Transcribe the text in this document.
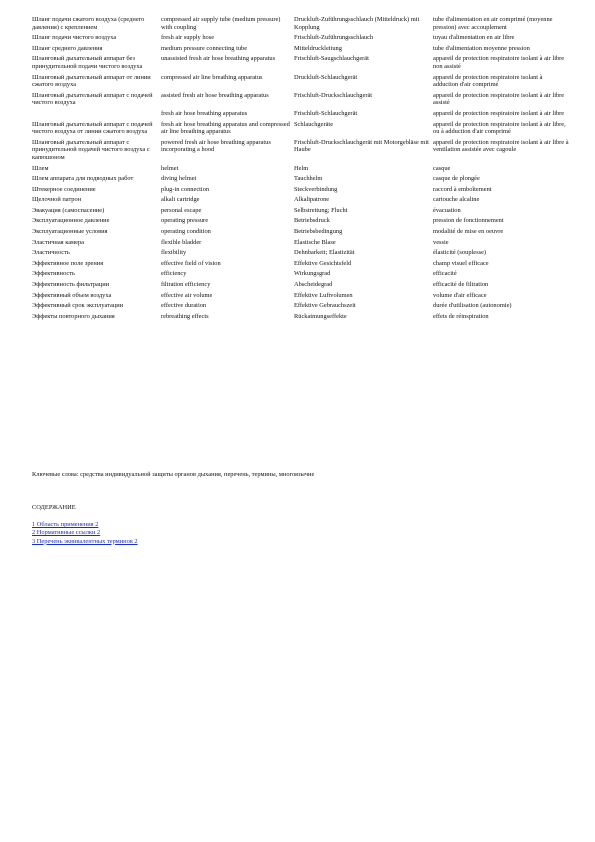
Шланг подачи сжатого воздуха (среднего давления) с креплением	compressed air supply tube (medium pressure) with coupling	Druckluft-Zuführungsschlauch (Mitteldruck) mit Kopplung	tube d'alimentation en air comprimé (moyenne pression) avec accouplement
Шланг подачи чистого воздуха	fresh air supply hose	Frischluft-Zuführungsschlauch	tuyau d'alimentation en air libre
Шланг среднего давления	medium pressure connecting tube	Mitteldruckleitung	tube d'alimentation moyenne pression
Шланговый дыхательный аппарат без принудительной подачи чистого воздуха	unassisted fresh air hose breathing apparatus	Frischluft-Saugschlauchgerät	appareil de protection respiratoire isolant à air libre non assisté
Шланговый дыхательный аппарат от линии сжатого воздуха	compressed air line breathing apparatus	Druckluft-Schlauchgerät	appareil de protection respiratoire isolant à adduction d'air comprimé
Шланговый дыхательный аппарат с подачей чистого воздуха	assisted fresh air hose breathing apparatus	Frischluft-Druckschlauchgerät	appareil de protection respiratoire isolant à air libre assisté
	fresh air hose breathing apparatus	Frischluft-Schlauchgerät	appareil de protection respiratoire isolant à air libre
Шланговый дыхательный аппарат с подачей чистого воздуха от линии сжатого воздуха	fresh air hose breathing apparatus and compressed air line breathing apparatus	Schlauchgeräte	appareil de protection respiratoire isolant à air libre, ou à adduction d'air comprimé
Шланговый дыхательный аппарат с принудительной подачей чистого воздуха с капюшоном	powered fresh air hose breathing apparatus incorporating a hood	Frischluft-Druckschlauchgerät mit Motorgebläse mit Haube	appareil de protection respiratoire isolant à air libre à ventilation assistée avec cagoule
Шлем	helmet	Helm	casque
Шлем аппарата для подводных работ	diving helmet	Tauchhelm	casque de plongée
Штекерное соединение	plug-in connection	Steckverbindung	raccord à emboîtement
Щелочной патрон	alkali cartridge	Alkalipatrone	cartouche alcaline
Эвакуация (самоспасение)	personal escape	Selbstrettung; Flucht	évacuation
Эксплуатационное давление	operating pressure	Betriebsdruck	pression de fonctionnement
Эксплуатационные условия	operating condition	Betriebsbedingung	modalité de mise en oeuvre
Эластичная камера	flexible bladder	Elastische Blase	vessie
Эластичность	flexibility	Dehnbarkeit; Elastizität	élasticité (souplesse)
Эффективное поле зрения	effective field of vision	Effektive Gesichtsfeld	champ visuel efficace
Эффективность	efficiency	Wirkungsgrad	efficacité
Эффективность фильтрации	filtration efficiency	Abscheidegrad	efficacité de filtration
Эффективный объем воздуха	effective air volume	Effektive Luftvolumen	volume d'air efficace
Эффективный срок эксплуатации	effective duration	Effektive Gebrauchszeit	durée d'utilisation (autonomie)
Эффекты повторного дыхания	rebreathing effects	Rückatmungseffekte	effets de réinspiration
Ключевые слова: средства индивидуальной защиты органов дыхания, перечень, термины, многоязычие
СОДЕРЖАНИЕ
1 Область применения 2
2 Нормативные ссылки 2
3 Перечень эквивалентных терминов 2
